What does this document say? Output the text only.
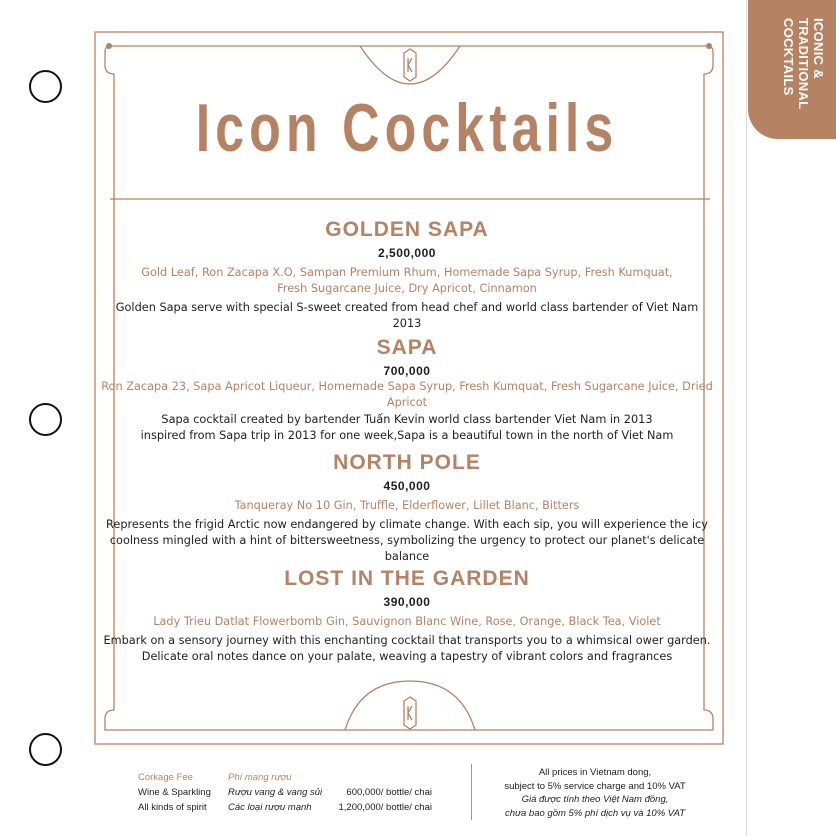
ICONIC & TRADITIONAL COCKTAILS
Icon Cocktails
GOLDEN SAPA
2,500,000
Gold Leaf, Ron Zacapa X.O, Sampan Premium Rhum, Homemade Sapa Syrup, Fresh Kumquat,
Fresh Sugarcane Juice, Dry Apricot, Cinnamon
Golden Sapa serve with special S-sweet created from head chef and world class bartender of Viet Nam 2013
SAPA
700,000
Ron Zacapa 23, Sapa Apricot Liqueur, Homemade Sapa Syrup, Fresh Kumquat, Fresh Sugarcane Juice, Dried Apricot
Sapa cocktail created by bartender Tuấn Kevin world class bartender Viet Nam in 2013
inspired from Sapa trip in 2013 for one week,Sapa is a beautiful town in the north of Viet Nam
NORTH POLE
450,000
Tanqueray No 10 Gin, Truffle, Elderflower, Lillet Blanc, Bitters
Represents the frigid Arctic now endangered by climate change. With each sip, you will experience the icy
coolness mingled with a hint of bittersweetness, symbolizing the urgency to protect our planet's delicate balance
LOST IN THE GARDEN
390,000
Lady Trieu Datlat Flowerbomb Gin, Sauvignon Blanc Wine, Rose, Orange, Black Tea, Violet
Embark on a sensory journey with this enchanting cocktail that transports you to a whimsical ower garden.
Delicate oral notes dance on your palate, weaving a tapestry of vibrant colors and fragrances
Corkage Fee
Wine & Sparkling
All kinds of spirit
Phí mang rượu
Rượu vang & vang sủi
Các loại rượu mạnh

600,000/ bottle/ chai
1,200,000/ bottle/ chai
All prices in Vietnam dong,
subject to 5% service charge and 10% VAT
Giá được tính theo Việt Nam đồng,
chưa bao gồm 5% phí dịch vụ và 10% VAT
